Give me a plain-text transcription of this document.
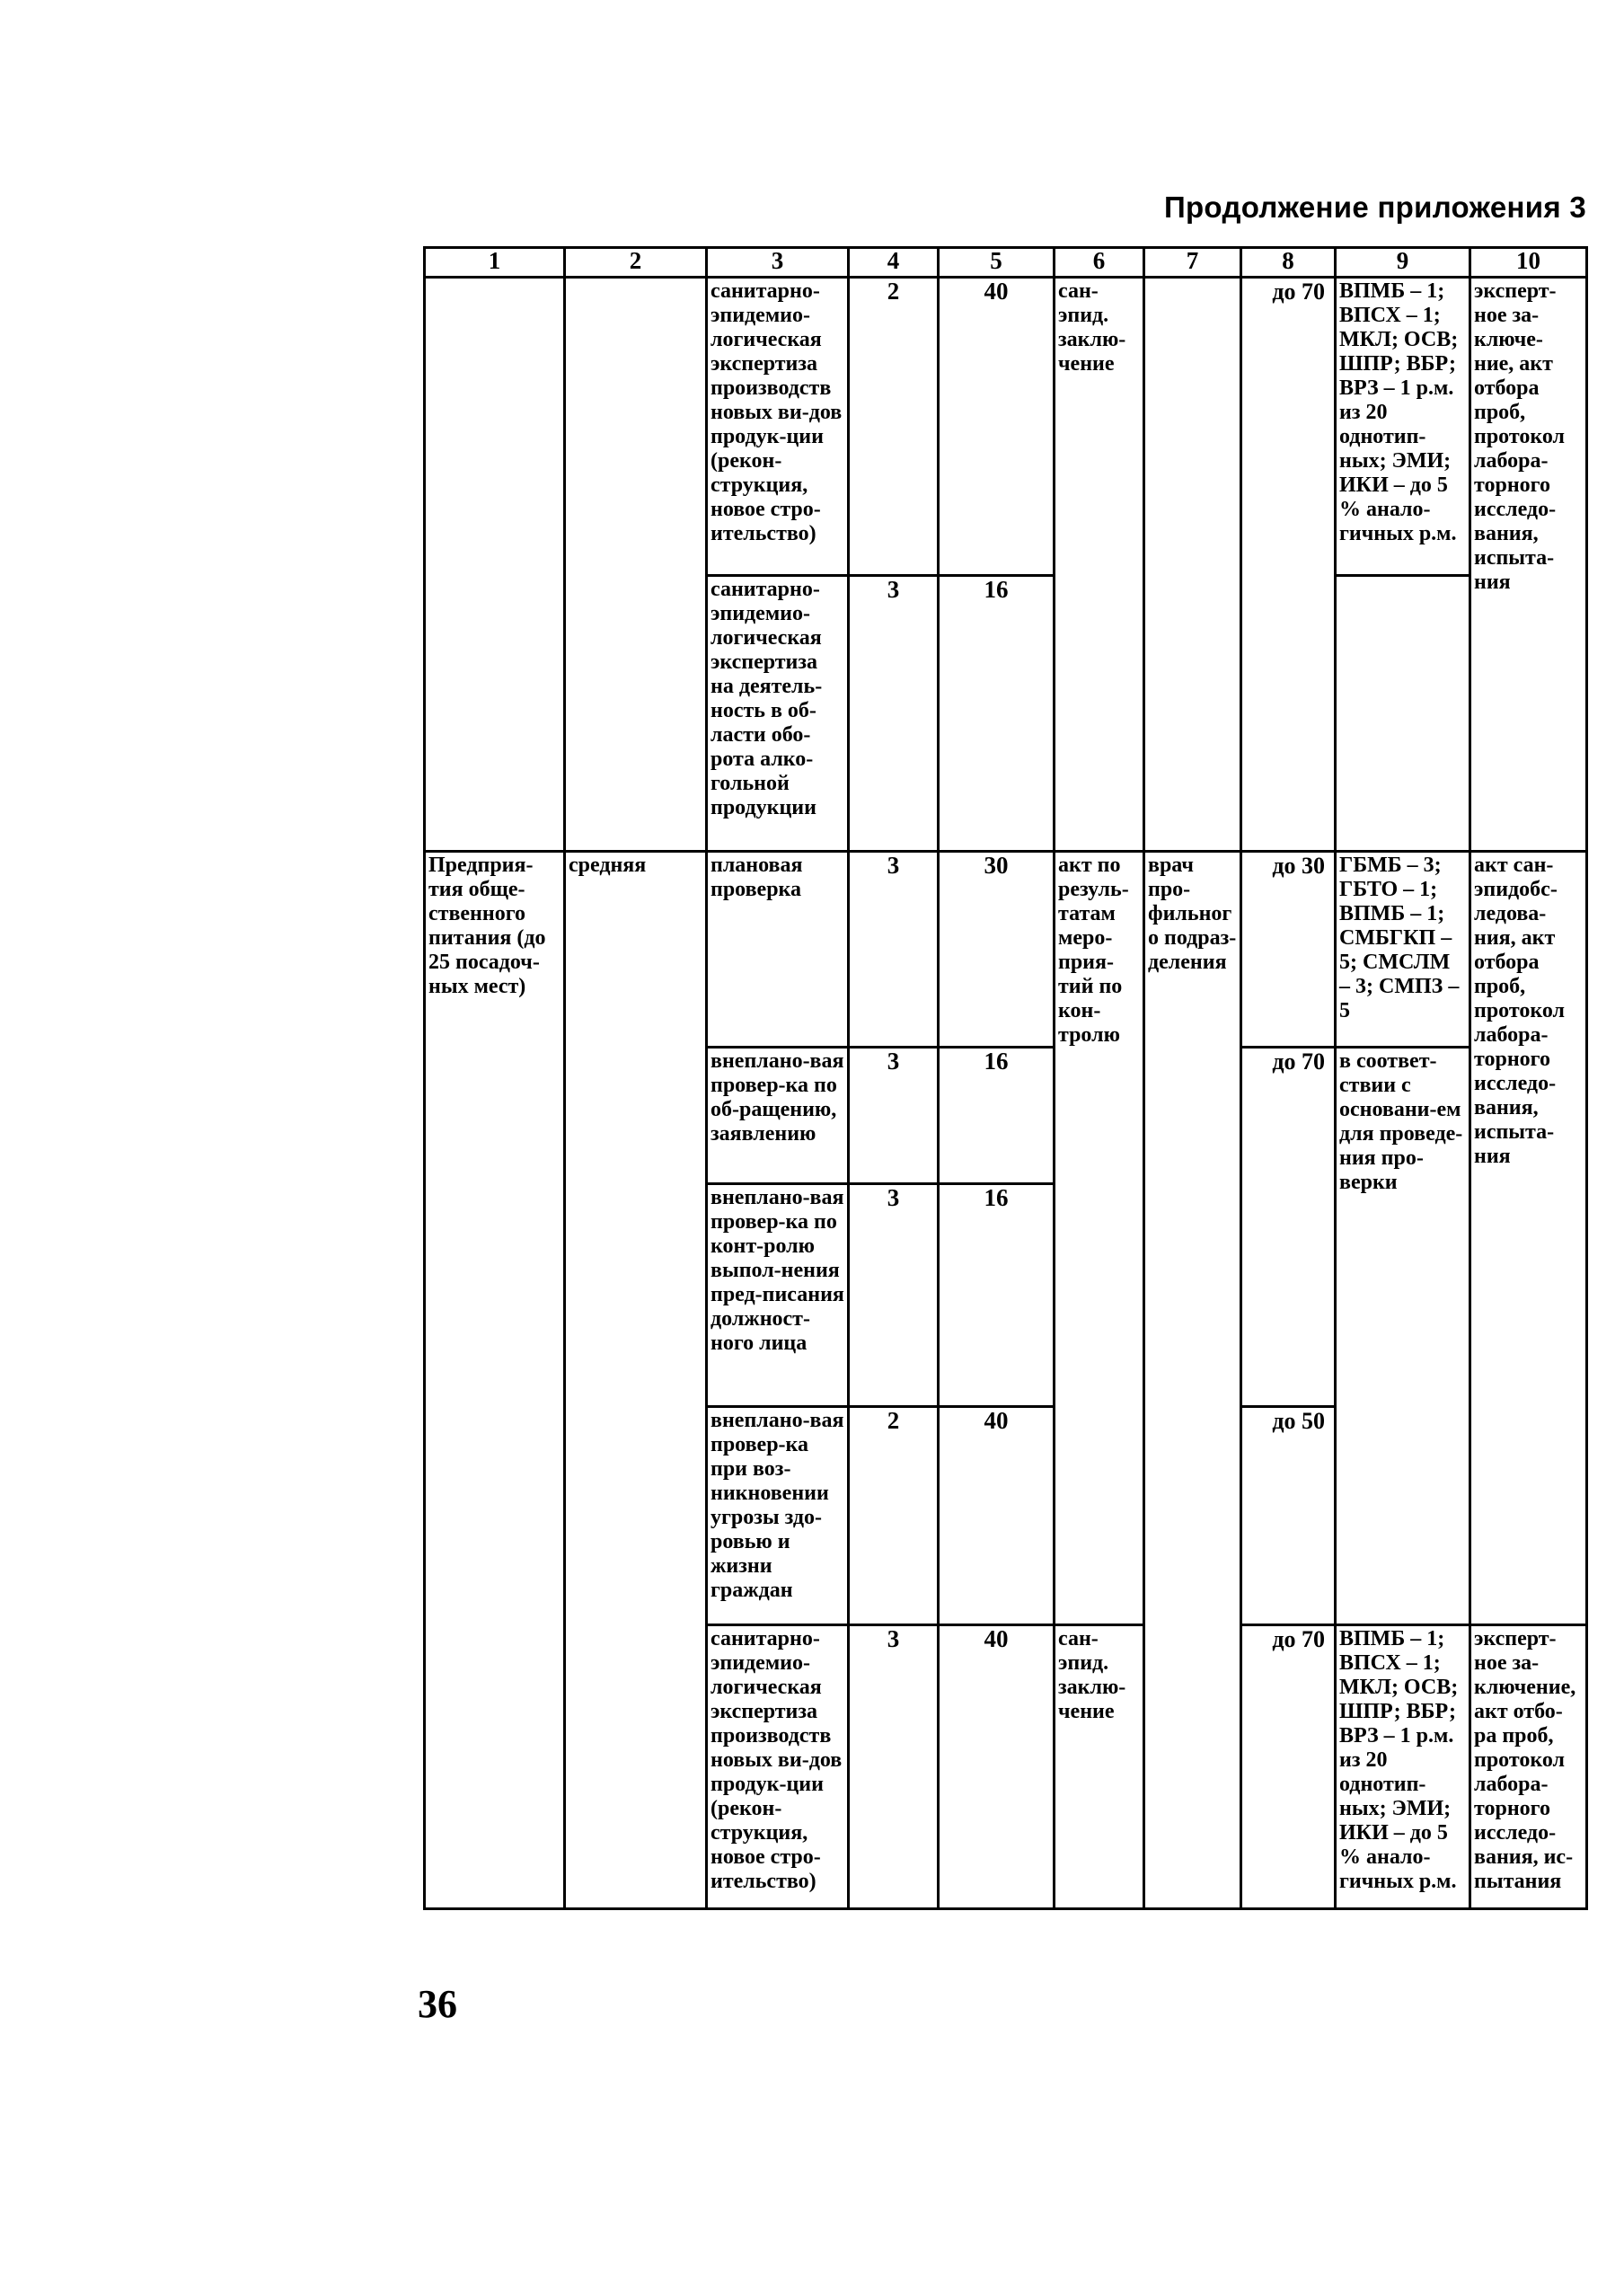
Продолжение приложения 3
1	2	3	4	5	6	7	8	9	10
		санитарно-эпидемио-логическая экспертиза производств новых ви-дов продук-ции (рекон-струкция, новое стро-ительство)	2	40	сан-эпид. заклю-чение		до 70	ВПМБ – 1; ВПСХ – 1; МКЛ; ОСВ; ШПР; ВБР; ВРЗ – 1 р.м. из 20 однотип-ных; ЭМИ; ИКИ – до 5 % анало-гичных р.м.	эксперт-ное за-ключе-ние, акт отбора проб, протокол лабора-торного исследо-вания, испыта-ния
		санитарно-эпидемио-логическая экспертиза на деятель-ность в об-ласти обо-рота алко-гольной продукции	3	16					
Предприя-тия обще-ственного питания (до 25 посадоч-ных мест)	средняя	плановая проверка	3	30	акт по резуль-татам меро-прия-тий по кон-тролю	врач про-фильного подраз-деления	до 30	ГБМБ – 3; ГБТО – 1; ВПМБ – 1; СМБГКП – 5; СМСЛМ – 3; СМПЗ – 5	акт сан-эпидобс-ледова-ния, акт отбора проб, протокол лабора-торного исследо-вания, испыта-ния
		внеплано-вая провер-ка по об-ращению, заявлению	3	16			до 70	в соответ-ствии с основани-ем для проведе-ния про-верки	
		внеплано-вая провер-ка по конт-ролю выпол-нения пред-писания должност-ного лица	3	16					
		внеплано-вая провер-ка при воз-никновении угрозы здо-ровью и жизни граждан	2	40			до 50		
		санитарно-эпидемио-логическая экспертиза производств новых ви-дов продук-ции (рекон-струкция, новое стро-ительство)	3	40	сан-эпид. заклю-чение		до 70	ВПМБ – 1; ВПСХ – 1; МКЛ; ОСВ; ШПР; ВБР; ВРЗ – 1 р.м. из 20 однотип-ных; ЭМИ; ИКИ – до 5 % анало-гичных р.м.	эксперт-ное за-ключение, акт отбо-ра проб, протокол лабора-торного исследо-вания, ис-пытания
36
